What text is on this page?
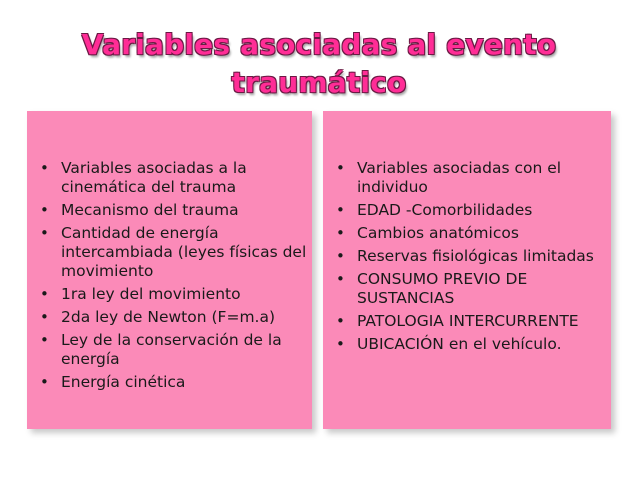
Variables asociadas al evento
traumático
• Variables asociadas a la cinemática del trauma
• Mecanismo del trauma
• Cantidad de energía intercambiada (leyes físicas del movimiento
• 1ra ley del movimiento
• 2da ley de Newton (F=m.a)
• Ley de la conservación de la energía
• Energía cinética
• Variables asociadas con el individuo
• EDAD -Comorbilidades
• Cambios anatómicos
• Reservas fisiológicas limitadas
• CONSUMO PREVIO DE SUSTANCIAS
• PATOLOGIA INTERCURRENTE
• UBICACIÓN en el vehículo.
